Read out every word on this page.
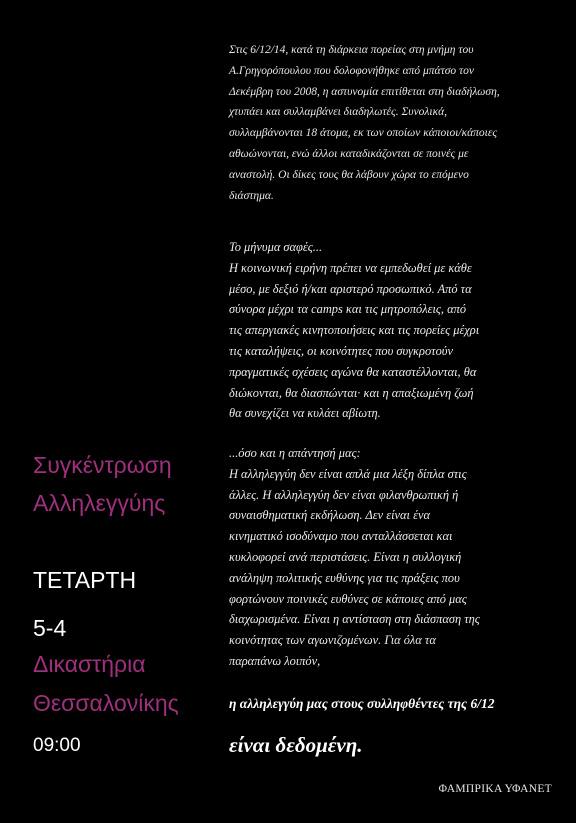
Στις 6/12/14, κατά τη διάρκεια πορείας στη μνήμη του
Α.Γρηγορόπουλου που δολοφονήθηκε από μπάτσο τον
Δεκέμβρη του 2008, η αστυνομία επιτίθεται στη διαδήλωση,
χτυπάει και συλλαμβάνει διαδηλωτές. Συνολικά,
συλλαμβάνονται 18 άτομα, εκ των οποίων κάποιοι/κάποιες
αθωώνονται, ενώ άλλοι καταδικάζονται σε ποινές με
αναστολή. Οι δίκες τους θα λάβουν χώρα το επόμενο
διάστημα.
Το μήνυμα σαφές...
Η κοινωνική ειρήνη πρέπει να εμπεδωθεί με κάθε
μέσο, με δεξιό ή/και αριστερό προσωπικό. Από τα
σύνορα μέχρι τα camps και τις μητροπόλεις, από
τις απεργιακές κινητοποιήσεις και τις πορείες μέχρι
τις καταλήψεις, οι κοινότητες που συγκροτούν
πραγματικές σχέσεις αγώνα θα καταστέλλονται, θα
διώκονται, θα διασπώνται· και η απαξιωμένη ζωή
θα συνεχίζει να κυλάει αβίωτη.
...όσο και η απάντησή μας:
Η αλληλεγγύη δεν είναι απλά μια λέξη δίπλα στις
άλλες. Η αλληλεγγύη δεν είναι φιλανθρωπική ή
συναισθηματική εκδήλωση. Δεν είναι ένα
κινηματικό ισοδύναμο που ανταλλάσσεται και
κυκλοφορεί ανά περιστάσεις. Είναι η συλλογική
ανάληψη πολιτικής ευθύνης για τις πράξεις που
φορτώνουν ποινικές ευθύνες σε κάποιες από μας
διαχωρισμένα. Είναι η αντίσταση στη διάσπαση της
κοινότητας των αγωνιζομένων. Για όλα τα
παραπάνω λοιπόν,
η αλληλεγγύη μας στους συλληφθέντες της 6/12
είναι δεδομένη.
ΦΑΜΠΡΙΚΑ ΥΦΑΝΕΤ
Συγκέντρωση
Αλληλεγγύης
ΤΕΤΑΡΤΗ
5-4
Δικαστήρια
Θεσσαλονίκης
09:00
